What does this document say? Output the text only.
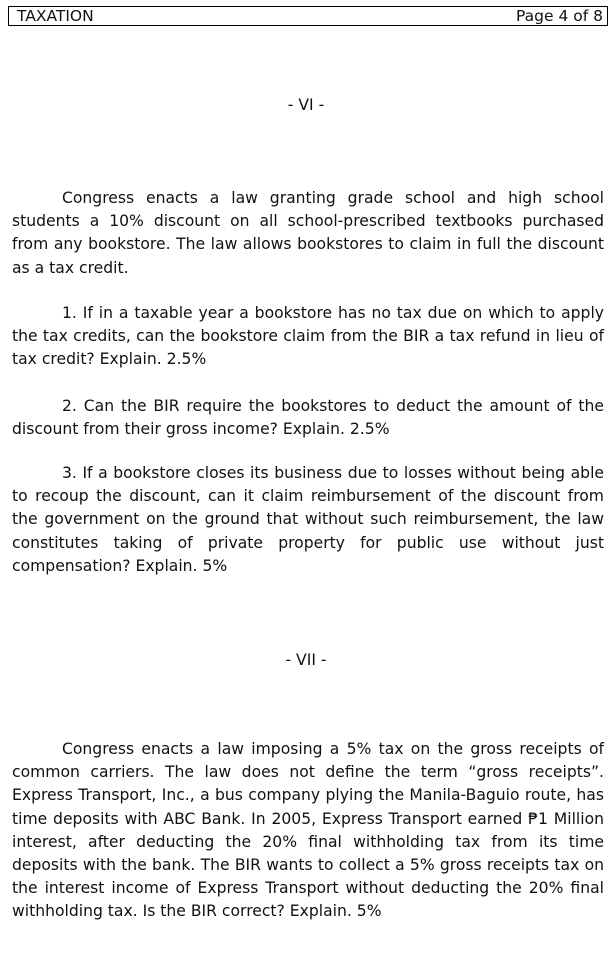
TAXATION	Page 4 of 8
- VI -

Congress enacts a law granting grade school and high school students a 10% discount on all school-prescribed textbooks purchased from any bookstore. The law allows bookstores to claim in full the discount as a tax credit.

1. If in a taxable year a bookstore has no tax due on which to apply the tax credits, can the bookstore claim from the BIR a tax refund in lieu of tax credit? Explain. 2.5%

2. Can the BIR require the bookstores to deduct the amount of the discount from their gross income? Explain. 2.5%

3. If a bookstore closes its business due to losses without being able to recoup the discount, can it claim reimbursement of the discount from the government on the ground that without such reimbursement, the law constitutes taking of private property for public use without just compensation? Explain. 5%

- VII -

Congress enacts a law imposing a 5% tax on the gross receipts of common carriers. The law does not define the term “gross receipts”. Express Transport, Inc., a bus company plying the Manila-Baguio route, has time deposits with ABC Bank. In 2005, Express Transport earned ₱1 Million interest, after deducting the 20% final withholding tax from its time deposits with the bank. The BIR wants to collect a 5% gross receipts tax on the interest income of Express Transport without deducting the 20% final withholding tax. Is the BIR correct? Explain. 5%
